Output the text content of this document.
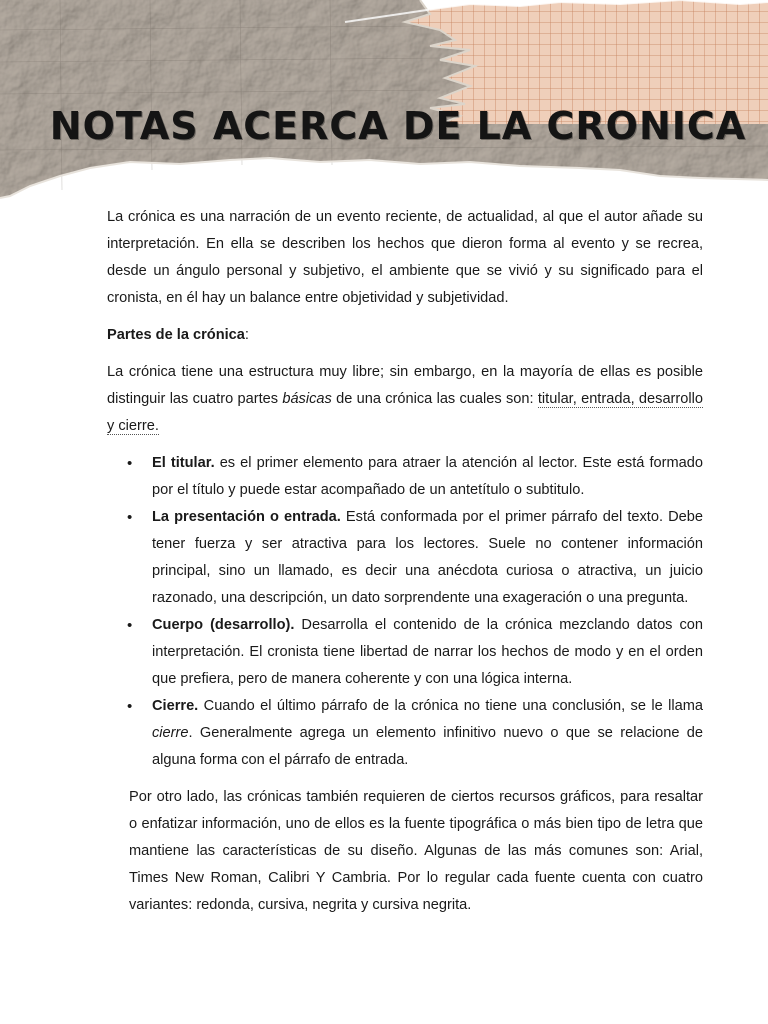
NOTAS ACERCA DE LA CRONICA

La crónica es una narración de un evento reciente, de actualidad, al que el autor añade su interpretación. En ella se describen los hechos que dieron forma al evento y se recrea, desde un ángulo personal y subjetivo, el ambiente que se vivió y su significado para el cronista, en él hay un balance entre objetividad y subjetividad.

Partes de la crónica:

La crónica tiene una estructura muy libre; sin embargo, en la mayoría de ellas es posible distinguir las cuatro partes básicas de una crónica las cuales son: titular, entrada, desarrollo y cierre.

• El titular. es el primer elemento para atraer la atención al lector. Este está formado por el título y puede estar acompañado de un antetítulo o subtitulo.
• La presentación o entrada. Está conformada por el primer párrafo del texto. Debe tener fuerza y ser atractiva para los lectores. Suele no contener información principal, sino un llamado, es decir una anécdota curiosa o atractiva, un juicio razonado, una descripción, un dato sorprendente una exageración o una pregunta.
• Cuerpo (desarrollo). Desarrolla el contenido de la crónica mezclando datos con interpretación. El cronista tiene libertad de narrar los hechos de modo y en el orden que prefiera, pero de manera coherente y con una lógica interna.
• Cierre. Cuando el último párrafo de la crónica no tiene una conclusión, se le llama cierre. Generalmente agrega un elemento infinitivo nuevo o que se relacione de alguna forma con el párrafo de entrada.

Por otro lado, las crónicas también requieren de ciertos recursos gráficos, para resaltar o enfatizar información, uno de ellos es la fuente tipográfica o más bien tipo de letra que mantiene las características de su diseño. Algunas de las más comunes son: Arial, Times New Roman, Calibri Y Cambria. Por lo regular cada fuente cuenta con cuatro variantes: redonda, cursiva, negrita y cursiva negrita.
